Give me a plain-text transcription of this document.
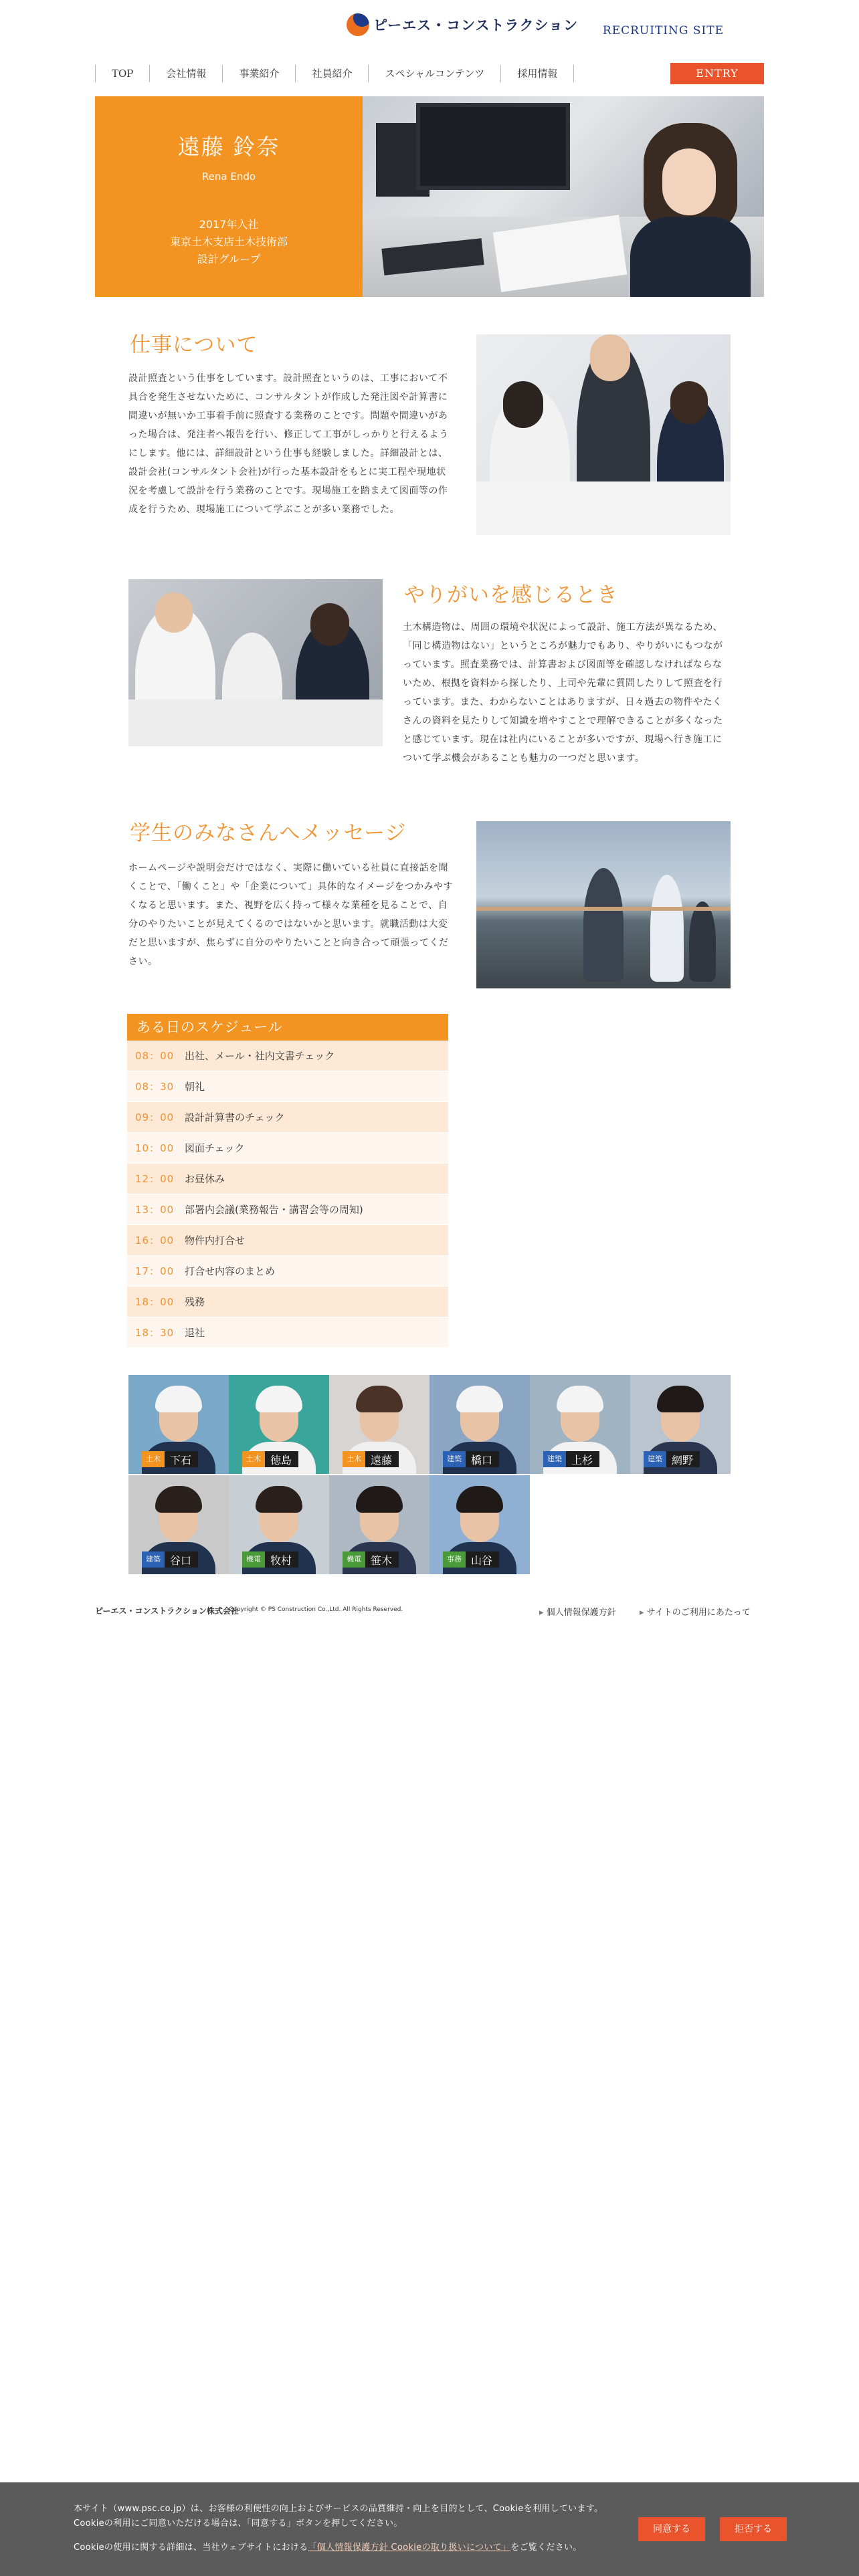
ピーエス・コンストラクション RECRUITING SITE
TOP	会社情報	事業紹介	社員紹介	スペシャルコンテンツ	採用情報	ENTRY
遠藤 鈴奈
Rena Endo
2017年入社
東京土木支店土木技術部
設計グループ
仕事について
設計照査という仕事をしています。設計照査というのは、工事において不具合を発生させないために、コンサルタントが作成した発注図や計算書に間違いが無いか工事着手前に照査する業務のことです。問題や間違いがあった場合は、発注者へ報告を行い、修正して工事がしっかりと行えるようにします。他には、詳細設計という仕事も経験しました。詳細設計とは、設計会社(コンサルタント会社)が行った基本設計をもとに実工程や現地状況を考慮して設計を行う業務のことです。現場施工を踏まえて図面等の作成を行うため、現場施工について学ぶことが多い業務でした。
やりがいを感じるとき
土木構造物は、周囲の環境や状況によって設計、施工方法が異なるため、「同じ構造物はない」というところが魅力でもあり、やりがいにもつながっています。照査業務では、計算書および図面等を確認しなければならないため、根拠を資料から探したり、上司や先輩に質問したりして照査を行っています。また、わからないことはありますが、日々過去の物件やたくさんの資料を見たりして知識を増やすことで理解できることが多くなったと感じています。現在は社内にいることが多いですが、現場へ行き施工について学ぶ機会があることも魅力の一つだと思います。
学生のみなさんへメッセージ
ホームページや説明会だけではなく、実際に働いている社員に直接話を聞くことで、「働くこと」や「企業について」具体的なイメージをつかみやすくなると思います。また、視野を広く持って様々な業種を見ることで、自分のやりたいことが見えてくるのではないかと思います。就職活動は大変だと思いますが、焦らずに自分のやりたいことと向き合って頑張ってください。
ある日のスケジュール
08：00	出社、メール・社内文書チェック
08：30	朝礼
09：00	設計計算書のチェック
10：00	図面チェック
12：00	お昼休み
13：00	部署内会議(業務報告・講習会等の周知)
16：00	物件内打合せ
17：00	打合せ内容のまとめ
18：00	残務
18：30	退社
土木 下石	土木 徳島	土木 遠藤	建築 橋口	建築 上杉	建築 網野
建築 谷口	機電 牧村	機電 笹木	事務 山谷
ピーエス・コンストラクション株式会社
Copyright © PS Construction Co.,Ltd. All Rights Reserved.	▸ 個人情報保護方針	▸ サイトのご利用にあたって

本サイト（www.psc.co.jp）は、お客様の利便性の向上およびサービスの品質維持・向上を目的として、Cookieを利用しています。

Cookieの利用にご同意いただける場合は、「同意する」ボタンを押してください。

Cookieの使用に関する詳細は、当社ウェブサイトにおける「個人情報保護方針 Cookieの取り扱いについて」をご覧ください。

同意する	拒否する
